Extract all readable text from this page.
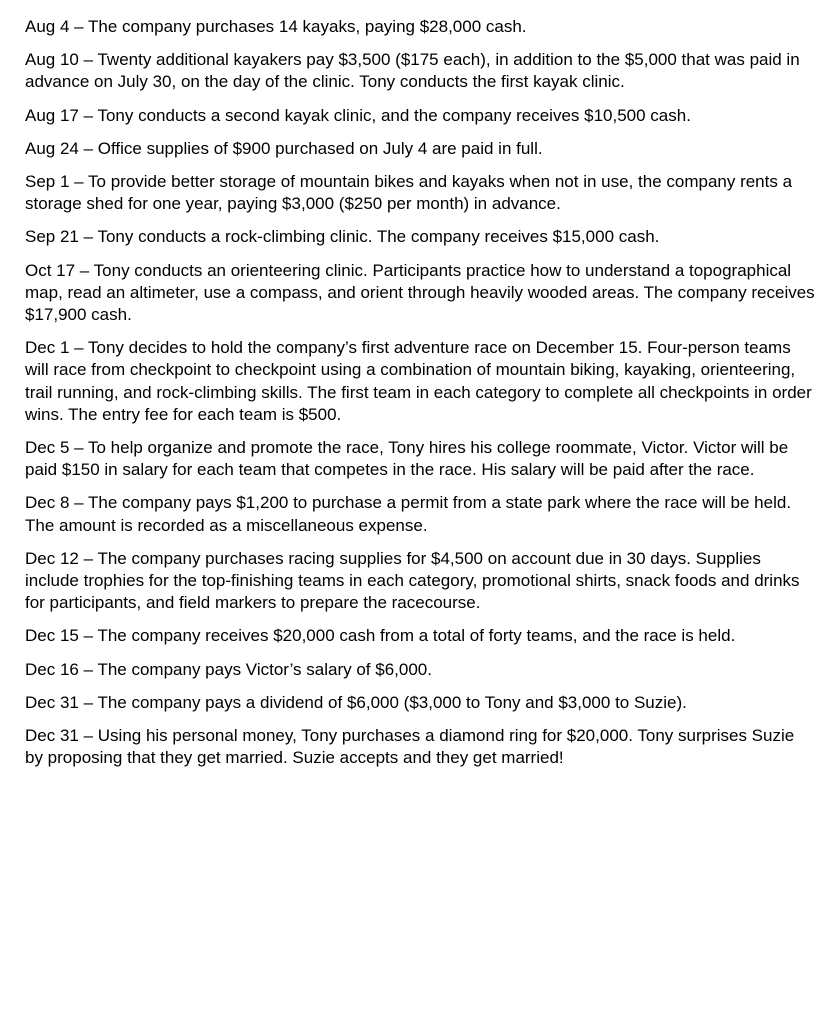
Aug 4 – The company purchases 14 kayaks, paying $28,000 cash.

Aug 10 – Twenty additional kayakers pay $3,500 ($175 each), in addition to the $5,000 that was paid in advance on July 30, on the day of the clinic. Tony conducts the first kayak clinic.

Aug 17 – Tony conducts a second kayak clinic, and the company receives $10,500 cash.

Aug 24 – Office supplies of $900 purchased on July 4 are paid in full.

Sep 1 – To provide better storage of mountain bikes and kayaks when not in use, the company rents a storage shed for one year, paying $3,000 ($250 per month) in advance.

Sep 21 – Tony conducts a rock-climbing clinic. The company receives $15,000 cash.

Oct 17 – Tony conducts an orienteering clinic. Participants practice how to understand a topographical map, read an altimeter, use a compass, and orient through heavily wooded areas. The company receives $17,900 cash.

Dec 1 – Tony decides to hold the company’s first adventure race on December 15. Four-person teams will race from checkpoint to checkpoint using a combination of mountain biking, kayaking, orienteering, trail running, and rock-climbing skills. The first team in each category to complete all checkpoints in order wins. The entry fee for each team is $500.

Dec 5 – To help organize and promote the race, Tony hires his college roommate, Victor. Victor will be paid $150 in salary for each team that competes in the race. His salary will be paid after the race.

Dec 8 – The company pays $1,200 to purchase a permit from a state park where the race will be held. The amount is recorded as a miscellaneous expense.

Dec 12 – The company purchases racing supplies for $4,500 on account due in 30 days. Supplies include trophies for the top-finishing teams in each category, promotional shirts, snack foods and drinks for participants, and field markers to prepare the racecourse.

Dec 15 – The company receives $20,000 cash from a total of forty teams, and the race is held.

Dec 16 – The company pays Victor’s salary of $6,000.

Dec 31 – The company pays a dividend of $6,000 ($3,000 to Tony and $3,000 to Suzie).

Dec 31 – Using his personal money, Tony purchases a diamond ring for $20,000. Tony surprises Suzie by proposing that they get married. Suzie accepts and they get married!
